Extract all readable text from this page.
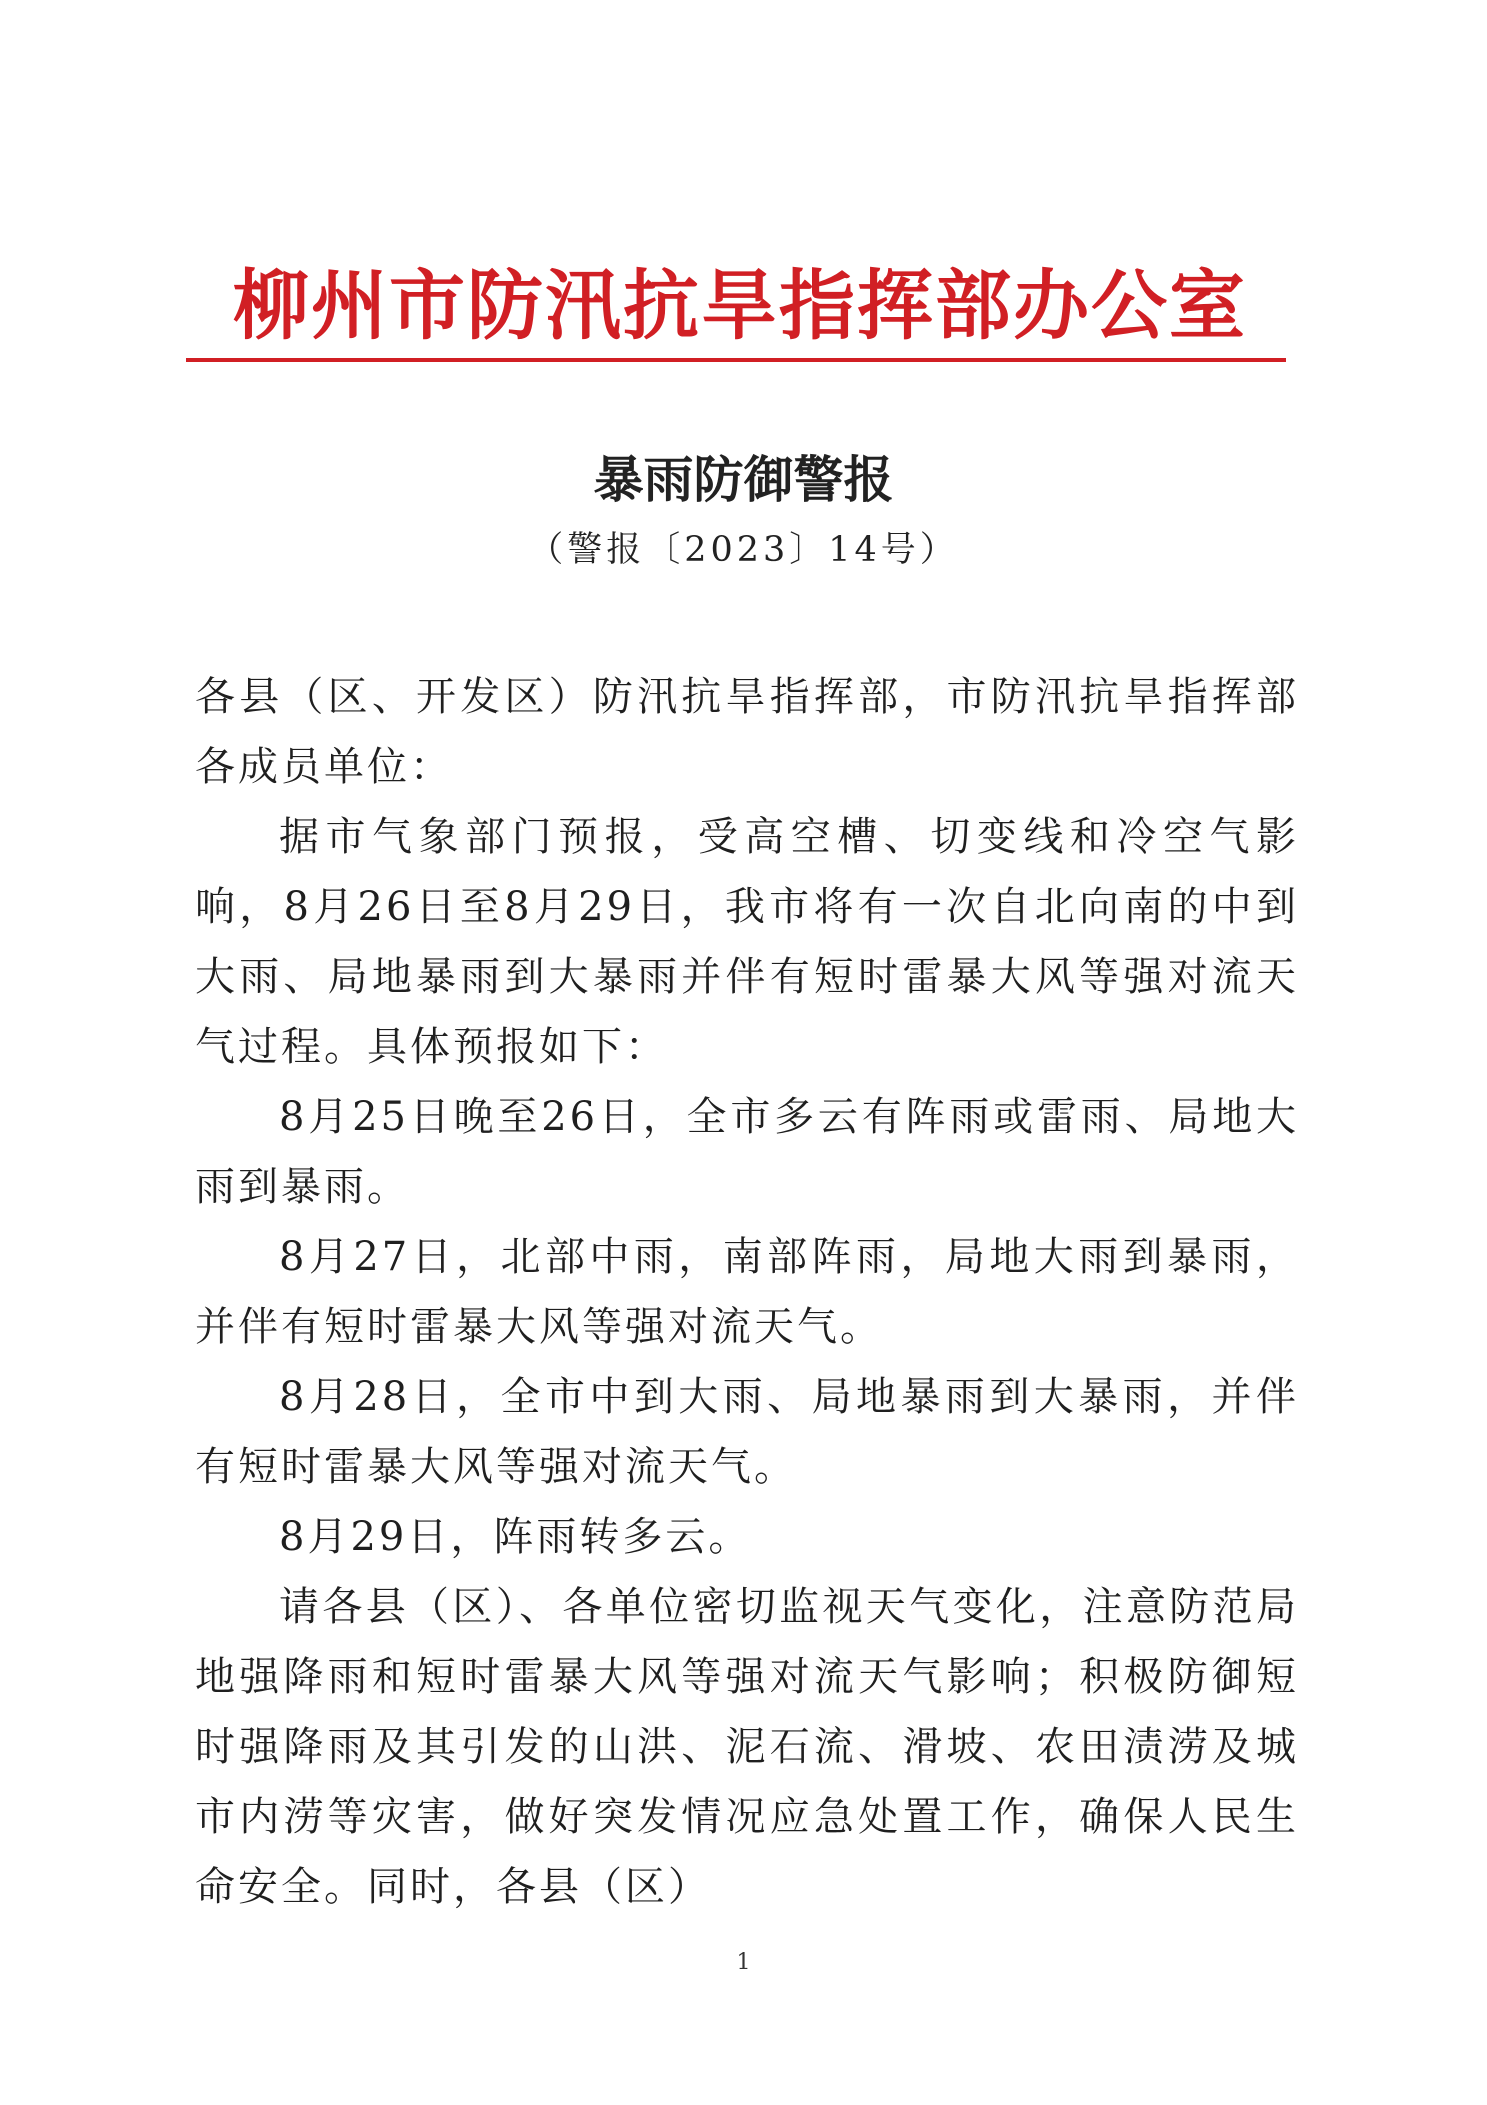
柳州市防汛抗旱指挥部办公室
暴雨防御警报
（警报〔2023〕14号）

各县（区、开发区）防汛抗旱指挥部，市防汛抗旱指挥部各成员单位：

据市气象部门预报，受高空槽、切变线和冷空气影响，8月26日至8月29日，我市将有一次自北向南的中到大雨、局地暴雨到大暴雨并伴有短时雷暴大风等强对流天气过程。具体预报如下：

8月25日晚至26日，全市多云有阵雨或雷雨、局地大雨到暴雨。

8月27日，北部中雨，南部阵雨，局地大雨到暴雨，并伴有短时雷暴大风等强对流天气。

8月28日，全市中到大雨、局地暴雨到大暴雨，并伴有短时雷暴大风等强对流天气。

8月29日，阵雨转多云。

请各县（区）、各单位密切监视天气变化，注意防范局地强降雨和短时雷暴大风等强对流天气影响；积极防御短时强降雨及其引发的山洪、泥石流、滑坡、农田渍涝及城市内涝等灾害，做好突发情况应急处置工作，确保人民生命安全。同时，各县（区）

1
